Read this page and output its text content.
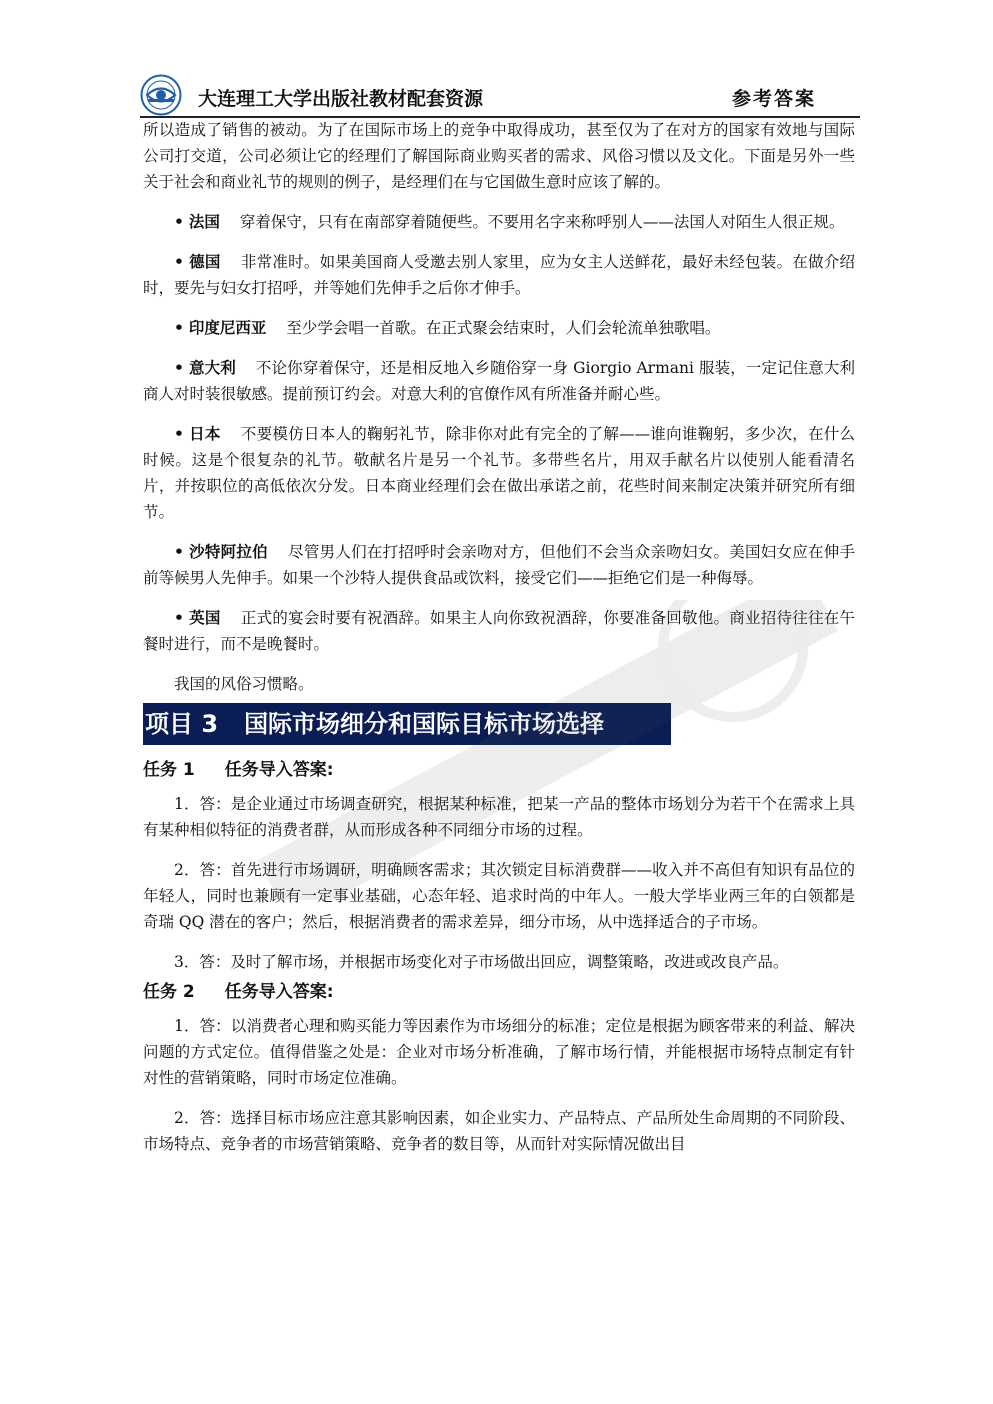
大连理工大学出版社教材配套资源	参考答案

所以造成了销售的被动。为了在国际市场上的竞争中取得成功，甚至仅为了在对方的国家有效地与国际公司打交道，公司必须让它的经理们了解国际商业购买者的需求、风俗习惯以及文化。下面是另外一些关于社会和商业礼节的规则的例子，是经理们在与它国做生意时应该了解的。

• 法国 穿着保守，只有在南部穿着随便些。不要用名字来称呼别人——法国人对陌生人很正规。

• 德国 非常准时。如果美国商人受邀去别人家里，应为女主人送鲜花，最好未经包装。在做介绍时，要先与妇女打招呼，并等她们先伸手之后你才伸手。

• 印度尼西亚 至少学会唱一首歌。在正式聚会结束时，人们会轮流单独歌唱。

• 意大利 不论你穿着保守，还是相反地入乡随俗穿一身 Giorgio Armani 服装，一定记住意大利商人对时装很敏感。提前预订约会。对意大利的官僚作风有所准备并耐心些。

• 日本 不要模仿日本人的鞠躬礼节，除非你对此有完全的了解——谁向谁鞠躬，多少次，在什么时候。这是个很复杂的礼节。敬献名片是另一个礼节。多带些名片，用双手献名片以使别人能看清名片，并按职位的高低依次分发。日本商业经理们会在做出承诺之前，花些时间来制定决策并研究所有细节。

• 沙特阿拉伯 尽管男人们在打招呼时会亲吻对方，但他们不会当众亲吻妇女。美国妇女应在伸手前等候男人先伸手。如果一个沙特人提供食品或饮料，接受它们——拒绝它们是一种侮辱。

• 英国 正式的宴会时要有祝酒辞。如果主人向你致祝酒辞，你要准备回敬他。商业招待往往在午餐时进行，而不是晚餐时。

我国的风俗习惯略。

项目 3 国际市场细分和国际目标市场选择
任务 1 任务导入答案:

1．答：是企业通过市场调查研究，根据某种标准，把某一产品的整体市场划分为若干个在需求上具有某种相似特征的消费者群，从而形成各种不同细分市场的过程。

2．答：首先进行市场调研，明确顾客需求；其次锁定目标消费群——收入并不高但有知识有品位的年轻人，同时也兼顾有一定事业基础，心态年轻、追求时尚的中年人。一般大学毕业两三年的白领都是奇瑞 QQ 潜在的客户；然后，根据消费者的需求差异，细分市场，从中选择适合的子市场。

3．答：及时了解市场，并根据市场变化对子市场做出回应，调整策略，改进或改良产品。

任务 2 任务导入答案:

1．答：以消费者心理和购买能力等因素作为市场细分的标准；定位是根据为顾客带来的利益、解决问题的方式定位。值得借鉴之处是：企业对市场分析准确，了解市场行情，并能根据市场特点制定有针对性的营销策略，同时市场定位准确。

2．答：选择目标市场应注意其影响因素，如企业实力、产品特点、产品所处生命周期的不同阶段、市场特点、竞争者的市场营销策略、竞争者的数目等，从而针对实际情况做出目
